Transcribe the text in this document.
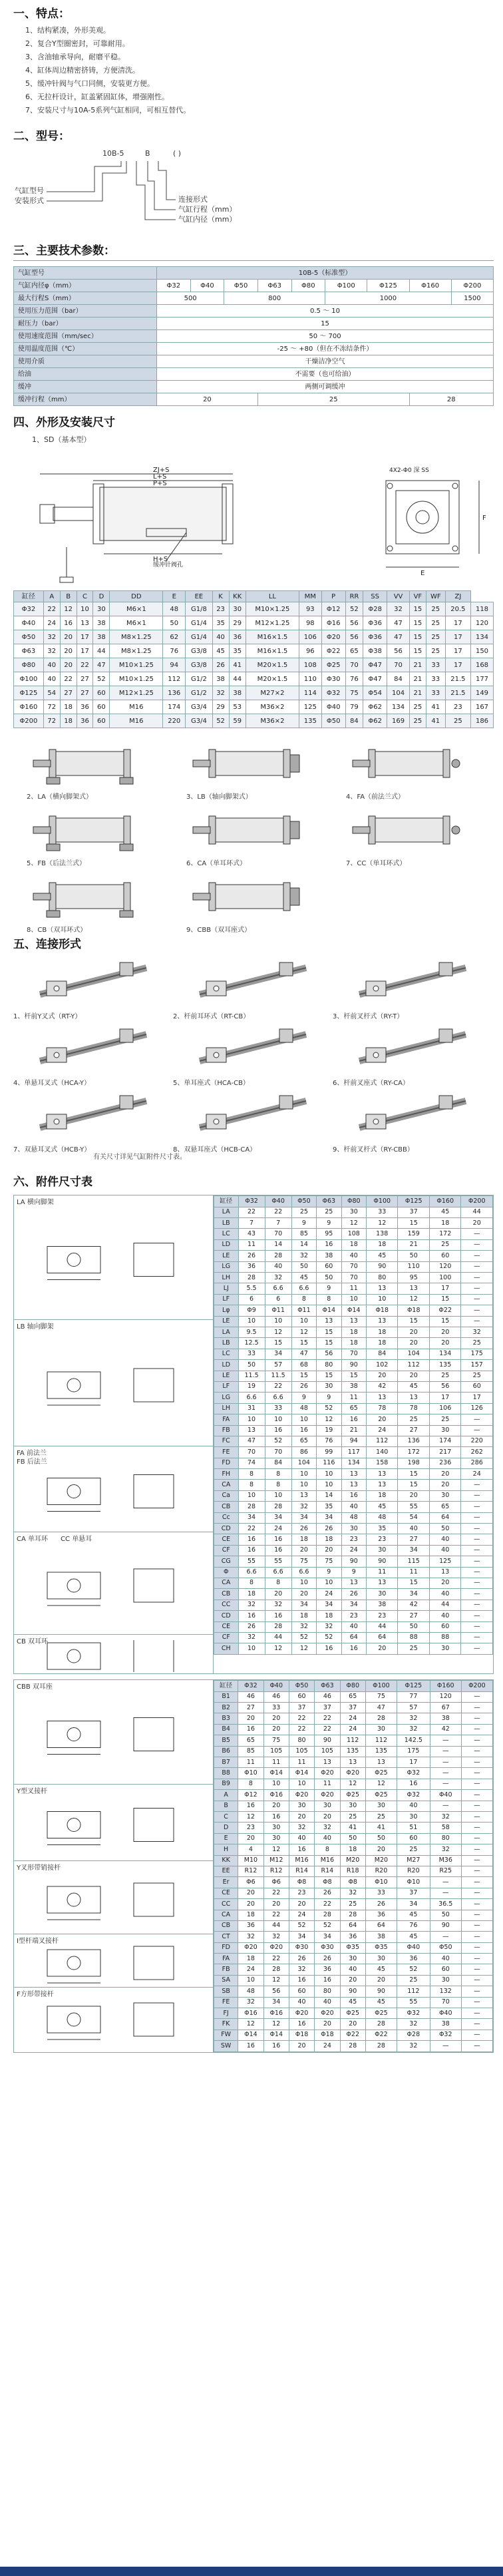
一、特点：
1、结构紧凑，外形美观。
2、复合Y型圈密封，可靠耐用。
3、含油轴承导向，耐磨平稳。
4、缸体周边精密挤铸，方便清洗。
5、缓冲针阀与气口同侧，安装更方便。
6、无拉杆设计，缸盖紧固缸体，增强刚性。
7、安装尺寸与10A-5系列气缸相同，可相互替代。
二、型号：
10B-5	B	( )
气缸型号
安装形式	连接形式
气缸行程（mm）
气缸内径（mm）
三、主要技术参数：
气缸型号	10B-5（标准型）								
气缸内径φ（mm）	Φ32	Φ40	Φ50	Φ63	Φ80	Φ100	Φ125	Φ160	Φ200
最大行程S（mm）	500		800			1000			1500
使用压力范围（bar）	0.5 ～ 10								
耐压力（bar）	15								
使用速度范围（mm/sec）	50 ～ 700								
使用温度范围（℃）	-25 ～ +80（但在不冻结条件）								
使用介质	干燥洁净空气								
给油	不需要（也可给油）								
缓冲	两侧可调缓冲								
缓冲行程（mm）	20			25				28	
四、外形及安装尺寸
1、SD（基本型）
ZJ+S
L+S
P+S
H+S
缓冲针阀孔
4X2-Φ0 深 SS
E
F
缸径	A	B	C	D	DD	E	EE	K	KK	LL	MM	P	RR	SS	VV	VF	WF	ZJ	
Φ32	22	12	10	30	M6×1	48	G1/8	23	30	M10×1.25	93	Φ12	52	Φ28	32	15	25	20.5	118
Φ40	24	16	13	38	M6×1	50	G1/4	35	29	M12×1.25	98	Φ16	56	Φ36	47	15	25	17	120
Φ50	32	20	17	38	M8×1.25	62	G1/4	40	36	M16×1.5	106	Φ20	56	Φ36	47	15	25	17	134
Φ63	32	20	17	44	M8×1.25	76	G3/8	45	35	M16×1.5	96	Φ22	65	Φ38	56	15	25	17	150
Φ80	40	20	22	47	M10×1.25	94	G3/8	26	41	M20×1.5	108	Φ25	70	Φ47	70	21	33	17	168
Φ100	40	22	27	52	M10×1.25	112	G1/2	38	44	M20×1.5	110	Φ30	76	Φ47	84	21	33	21.5	177
Φ125	54	27	27	60	M12×1.25	136	G1/2	32	38	M27×2	114	Φ32	75	Φ54	104	21	33	21.5	149
Φ160	72	18	36	60	M16	174	G3/4	29	53	M36×2	125	Φ40	79	Φ62	134	25	41	23	167
Φ200	72	18	36	60	M16	220	G3/4	52	59	M36×2	135	Φ50	84	Φ62	169	25	41	25	186
2、LA（横向脚架式）	3、LB（轴向脚架式）	4、FA（前法兰式）
5、FB（后法兰式）	6、CA（单耳环式）	7、CC（单耳环式）
8、CB（双耳环式）	9、CBB（双耳座式）
五、连接形式
1、杆前Y叉式（RT-Y）	2、杆前耳环式（RT-CB）	3、杆前叉杆式（RY-T）
4、单悬耳叉式（HCA-Y）	5、单耳座式（HCA-CB）	6、杆前叉座式（RY-CA）
7、双悬耳叉式（HCB-Y）	8、双悬耳座式（HCB-CA）	9、杆前叉杆式（RY-CBB）
有关尺寸详见气缸附件尺寸表。
六、附件尺寸表
LA 横向脚架
LB 轴向脚架
FA 前法兰
FB 后法兰
CA 单耳环      CC 单悬耳
CB 双耳环
缸径	Φ32	Φ40	Φ50	Φ63	Φ80	Φ100	Φ125	Φ160	Φ200
LA	22	22	25	25	30	33	37	45	44
LB	7	7	9	9	12	12	15	18	20
LC	43	70	85	95	108	138	159	172	—
LD	11	14	14	16	18	18	21	25	—
LE	26	28	32	38	40	45	50	60	—
LG	36	40	50	60	70	90	110	120	—
LH	28	32	45	50	70	80	95	100	—
LJ	5.5	6.6	6.6	9	11	13	13	17	—
LF	6	6	8	8	10	10	12	15	—
Lφ	Φ9	Φ11	Φ11	Φ14	Φ14	Φ18	Φ18	Φ22	—
LE	10	10	10	13	13	13	15	15	—
LA	9.5	12	12	15	18	18	20	20	32
LB	12.5	15	15	15	18	18	20	20	25
LC	33	34	47	56	70	84	104	134	175
LD	50	57	68	80	90	102	112	135	157
LE	11.5	11.5	15	15	15	20	20	25	25
LF	19	22	26	30	38	42	45	56	60
LG	6.6	6.6	9	9	11	13	13	17	17
LH	31	33	48	52	65	78	78	106	126
FA	10	10	10	12	16	20	25	25	—
FB	13	16	16	19	21	24	27	30	—
FC	47	52	65	76	94	112	136	174	220
FE	70	70	86	99	117	140	172	217	262
FD	74	84	104	116	134	158	198	236	286
FH	8	8	10	10	13	13	15	20	24
CA	8	8	10	10	13	13	15	20	—
Ca	10	10	13	14	16	18	20	30	—
CB	28	28	32	35	40	45	55	65	—
Cc	34	34	34	34	48	48	54	64	—
CD	22	24	26	26	30	35	40	50	—
CE	16	16	18	18	23	23	27	40	—
CF	16	16	20	20	24	30	34	40	—
CG	55	55	75	75	90	90	115	125	—
Φ	6.6	6.6	6.6	9	9	11	11	13	—
CA	8	8	10	10	13	13	15	20	—
CB	18	20	20	24	26	30	34	40	—
CC	32	32	34	34	34	38	42	44	—
CD	16	16	18	18	23	23	27	40	—
CE	26	28	32	32	40	44	50	60	—
CF	32	44	52	52	64	64	88	88	—
CH	10	12	12	16	16	20	25	30	—
CBB 双耳座
Y型叉接杆
Y叉形带销接杆
I型杆端叉接杆
F方形带接杆
缸径	Φ32	Φ40	Φ50	Φ63	Φ80	Φ100	Φ125	Φ160	Φ200
B1	46	46	60	46	65	75	77	120	—
B2	27	33	37	37	37	47	57	67	—
B3	20	20	22	22	24	28	32	38	—
B4	16	20	22	22	24	30	32	42	—
B5	65	75	80	90	112	112	142.5	—	—
B6	85	105	105	105	135	135	175	—	—
B7	11	11	11	13	13	13	17	—	—
B8	Φ10	Φ14	Φ14	Φ20	Φ20	Φ25	Φ32	—	—
B9	8	10	10	11	12	12	16	—	—
A	Φ12	Φ16	Φ20	Φ20	Φ25	Φ25	Φ32	Φ40	—
B	16	20	30	30	30	30	40	—	—
C	12	16	20	20	25	25	30	32	—
D	23	30	32	32	41	41	51	58	—
E	20	30	40	40	50	50	60	80	—
H	4	12	16	8	18	20	25	32	—
KK	M10	M12	M16	M16	M20	M20	M27	M36	—
EE	R12	R12	R14	R14	R18	R20	R20	R25	—
Er	Φ6	Φ6	Φ8	Φ8	Φ8	Φ10	Φ10	—	—
CE	20	22	23	26	32	33	37	—	—
CC	20	20	20	22	25	26	34	36.5	—
CA	18	22	24	28	28	36	45	50	—
CB	36	44	52	52	64	64	76	90	—
CT	32	32	34	34	36	38	45	—	—
FD	Φ20	Φ20	Φ30	Φ30	Φ35	Φ35	Φ40	Φ50	—
FA	18	22	26	26	30	30	36	40	—
FB	24	28	32	36	40	45	52	60	—
SA	10	12	16	16	20	20	25	30	—
SB	48	56	60	80	90	90	112	132	—
FE	32	34	40	40	45	45	55	70	—
FJ	Φ16	Φ16	Φ20	Φ20	Φ25	Φ25	Φ32	Φ40	—
FK	12	12	16	20	20	28	32	38	—
FW	Φ14	Φ14	Φ18	Φ18	Φ22	Φ22	Φ28	Φ32	—
SW	16	16	20	24	28	28	32	—	—
